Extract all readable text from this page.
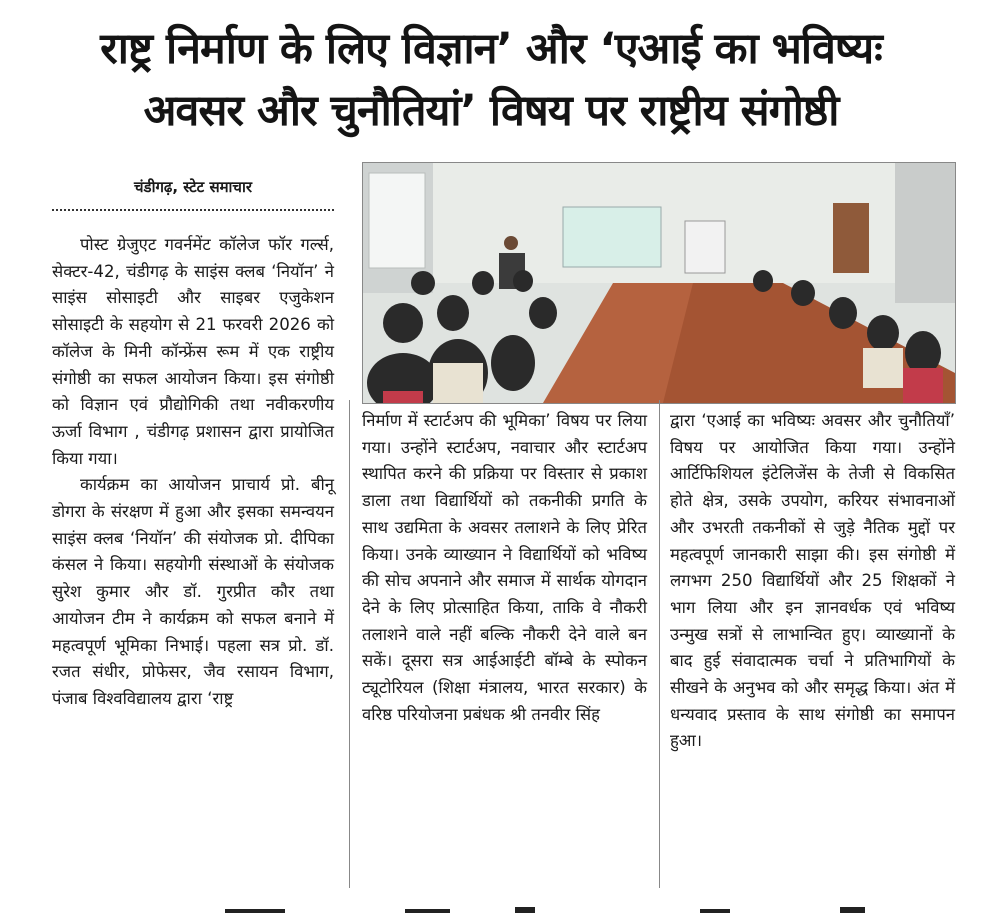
राष्ट्र निर्माण के लिए विज्ञान’ और ‘एआई का भविष्यः
अवसर और चुनौतियां’ विषय पर राष्ट्रीय संगोष्ठी
चंडीगढ़, स्टेट समाचार

पोस्ट ग्रेजुएट गवर्नमेंट कॉलेज फॉर गर्ल्स, सेक्टर-42, चंडीगढ़ के साइंस क्लब ‘नियॉन’ ने साइंस सोसाइटी और साइबर एजुकेशन सोसाइटी के सहयोग से 21 फरवरी 2026 को कॉलेज के मिनी कॉन्फ्रेंस रूम में एक राष्ट्रीय संगोष्ठी का सफल आयोजन किया। इस संगोष्ठी को विज्ञान एवं प्रौद्योगिकी तथा नवीकरणीय ऊर्जा विभाग , चंडीगढ़ प्रशासन द्वारा प्रायोजित किया गया।

कार्यक्रम का आयोजन प्राचार्य प्रो. बीनू डोगरा के संरक्षण में हुआ और इसका समन्वयन साइंस क्लब ‘नियॉन’ की संयोजक प्रो. दीपिका कंसल ने किया। सहयोगी संस्थाओं के संयोजक सुरेश कुमार और डॉ. गुरप्रीत कौर तथा आयोजन टीम ने कार्यक्रम को सफल बनाने में महत्वपूर्ण भूमिका निभाई। पहला सत्र प्रो. डॉ. रजत संधीर, प्रोफेसर, जैव रसायन विभाग, पंजाब विश्वविद्यालय द्वारा ‘राष्ट्र

निर्माण में स्टार्टअप की भूमिका’ विषय पर लिया गया। उन्होंने स्टार्टअप, नवाचार और स्टार्टअप स्थापित करने की प्रक्रिया पर विस्तार से प्रकाश डाला तथा विद्यार्थियों को तकनीकी प्रगति के साथ उद्यमिता के अवसर तलाशने के लिए प्रेरित किया। उनके व्याख्यान ने विद्यार्थियों को भविष्य की सोच अपनाने और समाज में सार्थक योगदान देने के लिए प्रोत्साहित किया, ताकि वे नौकरी तलाशने वाले नहीं बल्कि नौकरी देने वाले बन सकें। दूसरा सत्र आईआईटी बॉम्बे के स्पोकन ट्यूटोरियल (शिक्षा मंत्रालय, भारत सरकार) के वरिष्ठ परियोजना प्रबंधक श्री तनवीर सिंह

द्वारा ‘एआई का भविष्यः अवसर और चुनौतियाँ’ विषय पर आयोजित किया गया। उन्होंने आर्टिफिशियल इंटेलिजेंस के तेजी से विकसित होते क्षेत्र, उसके उपयोग, करियर संभावनाओं और उभरती तकनीकों से जुड़े नैतिक मुद्दों पर महत्वपूर्ण जानकारी साझा की। इस संगोष्ठी में लगभग 250 विद्यार्थियों और 25 शिक्षकों ने भाग लिया और इन ज्ञानवर्धक एवं भविष्य उन्मुख सत्रों से लाभान्वित हुए। व्याख्यानों के बाद हुई संवादात्मक चर्चा ने प्रतिभागियों के सीखने के अनुभव को और समृद्ध किया। अंत में धन्यवाद प्रस्ताव के साथ संगोष्ठी का समापन हुआ।
